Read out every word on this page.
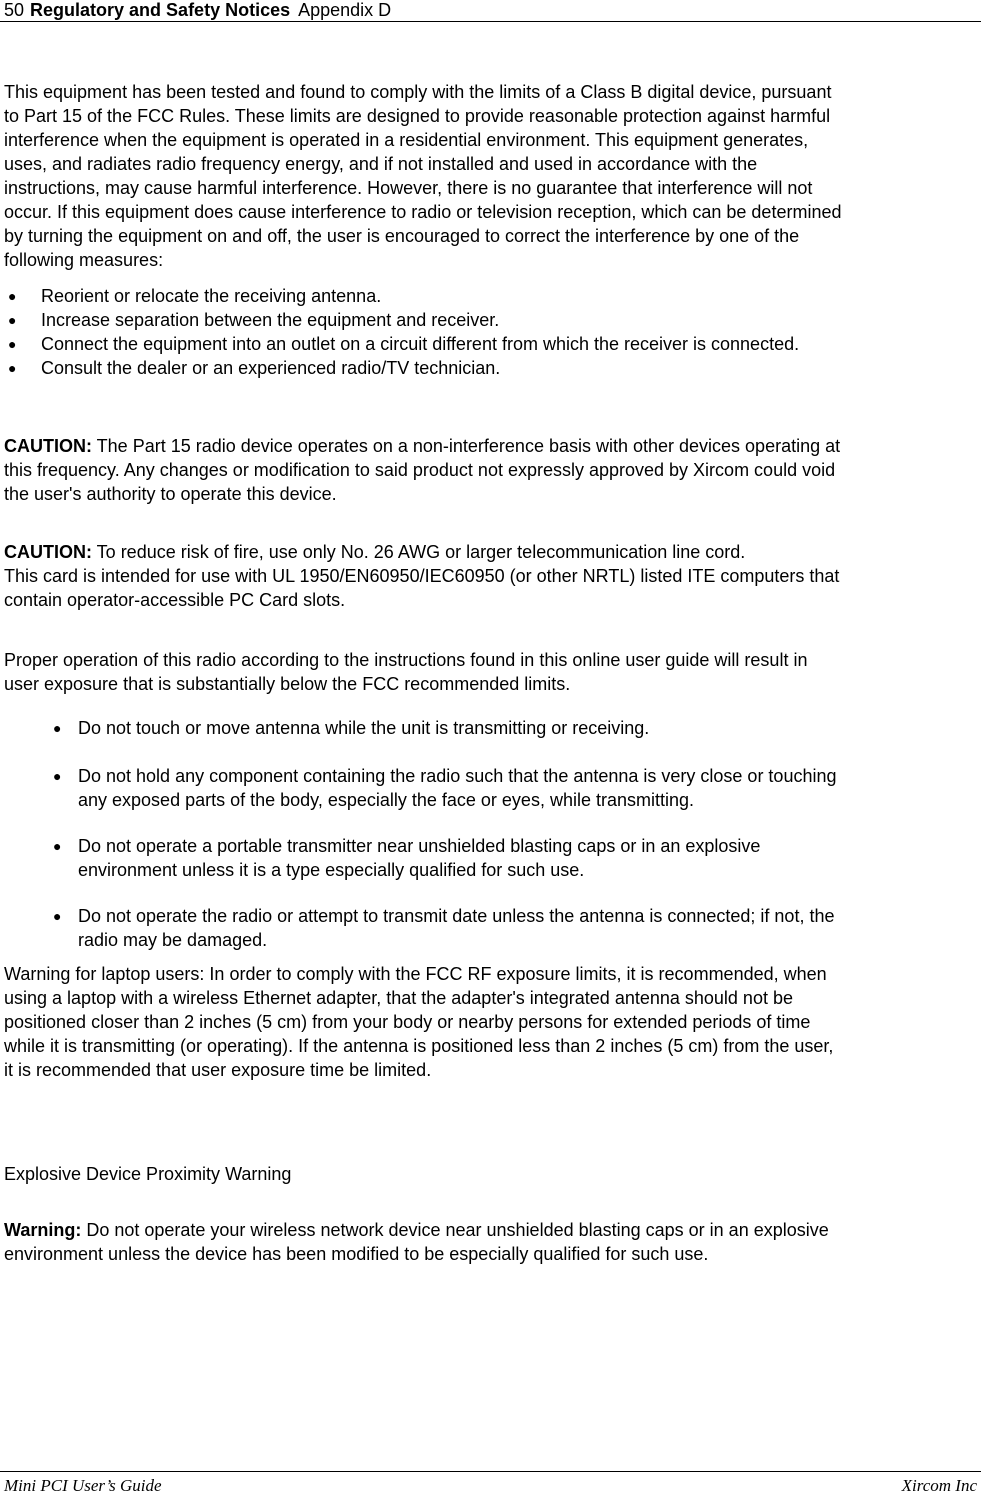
50 Regulatory and Safety Notices Appendix D
This equipment has been tested and found to comply with the limits of a Class B digital device, pursuant
to Part 15 of the FCC Rules. These limits are designed to provide reasonable protection against harmful
interference when the equipment is operated in a residential environment. This equipment generates,
uses, and radiates radio frequency energy, and if not installed and used in accordance with the
instructions, may cause harmful interference. However, there is no guarantee that interference will not
occur. If this equipment does cause interference to radio or television reception, which can be determined
by turning the equipment on and off, the user is encouraged to correct the interference by one of the
following measures:
● Reorient or relocate the receiving antenna.
● Increase separation between the equipment and receiver.
● Connect the equipment into an outlet on a circuit different from which the receiver is connected.
● Consult the dealer or an experienced radio/TV technician.
CAUTION: The Part 15 radio device operates on a non-interference basis with other devices operating at
this frequency. Any changes or modification to said product not expressly approved by Xircom could void
the user's authority to operate this device.
CAUTION: To reduce risk of fire, use only No. 26 AWG or larger telecommunication line cord.
This card is intended for use with UL 1950/EN60950/IEC60950 (or other NRTL) listed ITE computers that
contain operator-accessible PC Card slots.
Proper operation of this radio according to the instructions found in this online user guide will result in
user exposure that is substantially below the FCC recommended limits.
● Do not touch or move antenna while the unit is transmitting or receiving.
● Do not hold any component containing the radio such that the antenna is very close or touching
any exposed parts of the body, especially the face or eyes, while transmitting.
● Do not operate a portable transmitter near unshielded blasting caps or in an explosive
environment unless it is a type especially qualified for such use.
● Do not operate the radio or attempt to transmit date unless the antenna is connected; if not, the
radio may be damaged.
Warning for laptop users: In order to comply with the FCC RF exposure limits, it is recommended, when
using a laptop with a wireless Ethernet adapter, that the adapter's integrated antenna should not be
positioned closer than 2 inches (5 cm) from your body or nearby persons for extended periods of time
while it is transmitting (or operating). If the antenna is positioned less than 2 inches (5 cm) from the user,
it is recommended that user exposure time be limited.
Explosive Device Proximity Warning
Warning: Do not operate your wireless network device near unshielded blasting caps or in an explosive
environment unless the device has been modified to be especially qualified for such use.
Mini PCI User’s Guide	Xircom Inc
